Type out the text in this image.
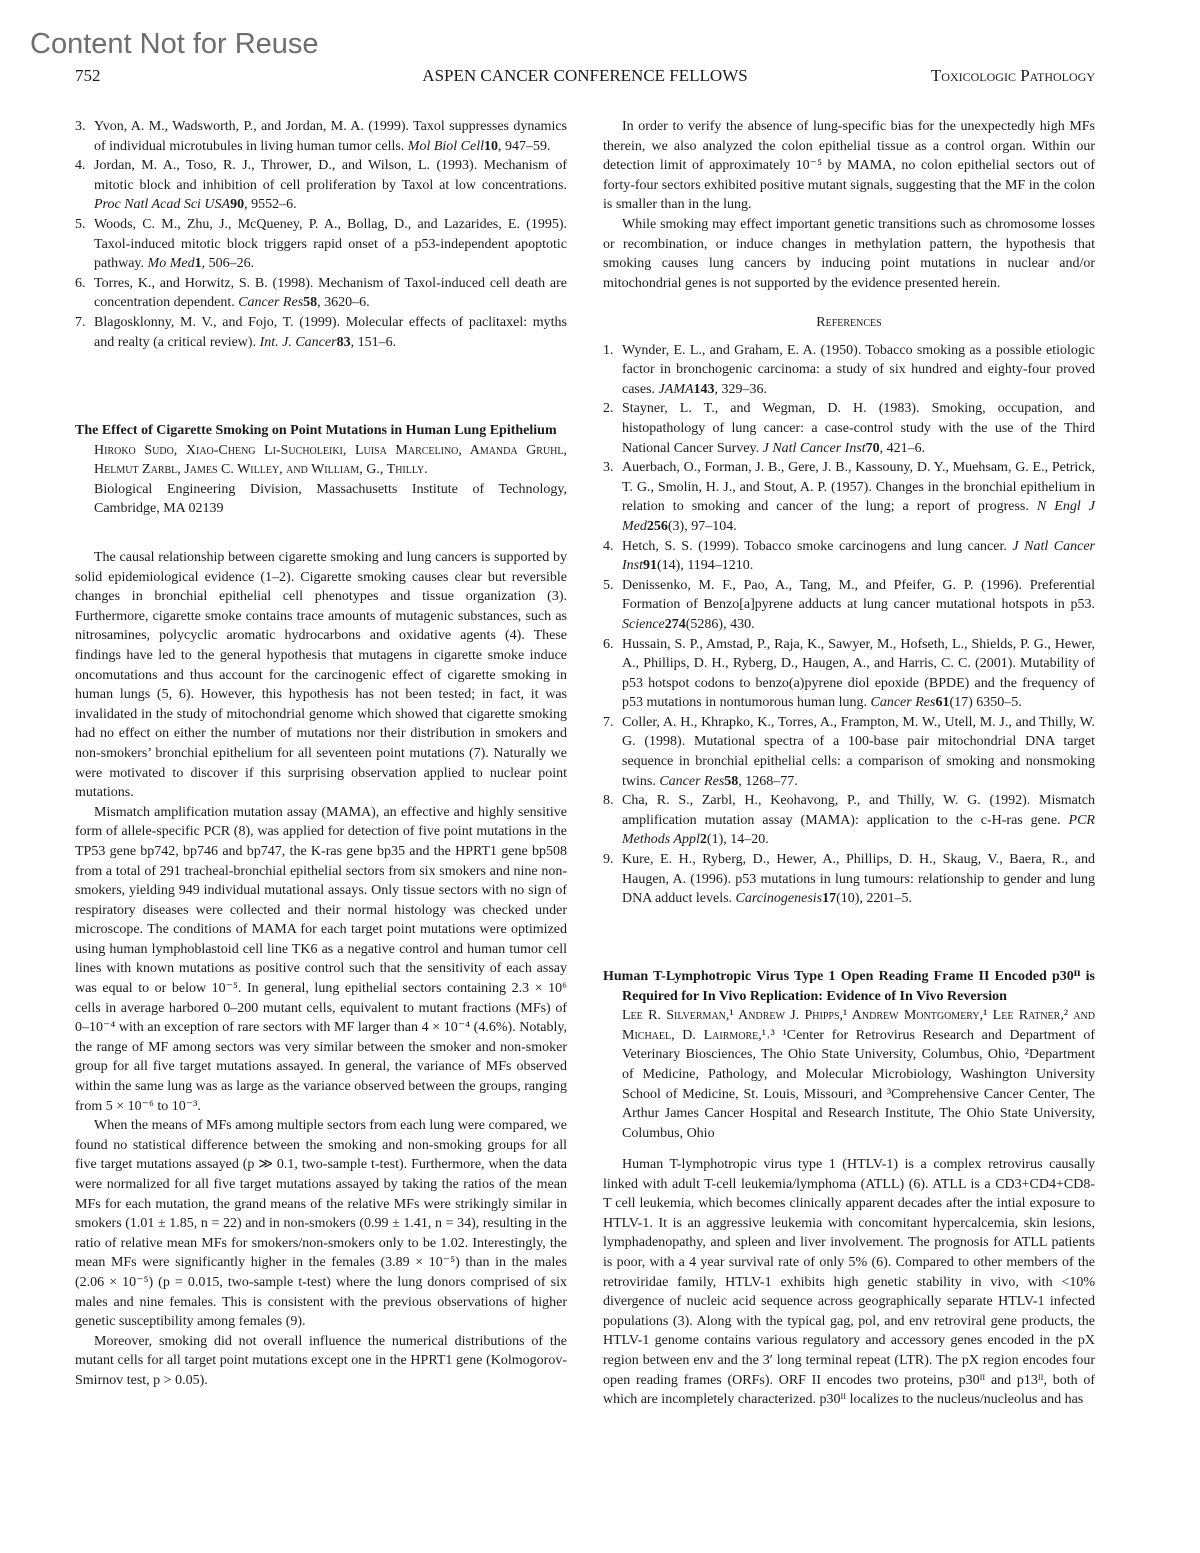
Content Not for Reuse
752	ASPEN CANCER CONFERENCE FELLOWS	Toxicologic Pathology

3. Yvon, A. M., Wadsworth, P., and Jordan, M. A. (1999). Taxol suppresses dynamics of individual microtubules in living human tumor cells. Mol Biol Cell10, 947–59.

4. Jordan, M. A., Toso, R. J., Thrower, D., and Wilson, L. (1993). Mechanism of mitotic block and inhibition of cell proliferation by Taxol at low concentrations. Proc Natl Acad Sci USA90, 9552–6.

5. Woods, C. M., Zhu, J., McQueney, P. A., Bollag, D., and Lazarides, E. (1995). Taxol-induced mitotic block triggers rapid onset of a p53-independent apoptotic pathway. Mo Med1, 506–26.

6. Torres, K., and Horwitz, S. B. (1998). Mechanism of Taxol-induced cell death are concentration dependent. Cancer Res58, 3620–6.

7. Blagosklonny, M. V., and Fojo, T. (1999). Molecular effects of paclitaxel: myths and realty (a critical review). Int. J. Cancer83, 151–6.

The Effect of Cigarette Smoking on Point Mutations in Human Lung Epithelium

Hiroko Sudo, Xiao-Cheng Li-Sucholeiki, Luisa Marcelino, Amanda Gruhl, Helmut Zarbl, James C. Willey, and William, G., Thilly.

Biological Engineering Division, Massachusetts Institute of Technology, Cambridge, MA 02139

The causal relationship between cigarette smoking and lung cancers is supported by solid epidemiological evidence (1–2). Cigarette smoking causes clear but reversible changes in bronchial epithelial cell phenotypes and tissue organization (3). Furthermore, cigarette smoke contains trace amounts of mutagenic substances, such as nitrosamines, polycyclic aromatic hydrocarbons and oxidative agents (4). These findings have led to the general hypothesis that mutagens in cigarette smoke induce oncomutations and thus account for the carcinogenic effect of cigarette smoking in human lungs (5, 6). However, this hypothesis has not been tested; in fact, it was invalidated in the study of mitochondrial genome which showed that cigarette smoking had no effect on either the number of mutations nor their distribution in smokers and non-smokers’ bronchial epithelium for all seventeen point mutations (7). Naturally we were motivated to discover if this surprising observation applied to nuclear point mutations.

Mismatch amplification mutation assay (MAMA), an effective and highly sensitive form of allele-specific PCR (8), was applied for detection of five point mutations in the TP53 gene bp742, bp746 and bp747, the K-ras gene bp35 and the HPRT1 gene bp508 from a total of 291 tracheal-bronchial epithelial sectors from six smokers and nine non-smokers, yielding 949 individual mutational assays. Only tissue sectors with no sign of respiratory diseases were collected and their normal histology was checked under microscope. The conditions of MAMA for each target point mutations were optimized using human lymphoblastoid cell line TK6 as a negative control and human tumor cell lines with known mutations as positive control such that the sensitivity of each assay was equal to or below 10⁻⁵. In general, lung epithelial sectors containing 2.3 × 10⁶ cells in average harbored 0–200 mutant cells, equivalent to mutant fractions (MFs) of 0–10⁻⁴ with an exception of rare sectors with MF larger than 4 × 10⁻⁴ (4.6%). Notably, the range of MF among sectors was very similar between the smoker and non-smoker group for all five target mutations assayed. In general, the variance of MFs observed within the same lung was as large as the variance observed between the groups, ranging from 5 × 10⁻⁶ to 10⁻³.

When the means of MFs among multiple sectors from each lung were compared, we found no statistical difference between the smoking and non-smoking groups for all five target mutations assayed (p ≫ 0.1, two-sample t-test). Furthermore, when the data were normalized for all five target mutations assayed by taking the ratios of the mean MFs for each mutation, the grand means of the relative MFs were strikingly similar in smokers (1.01 ± 1.85, n = 22) and in non-smokers (0.99 ± 1.41, n = 34), resulting in the ratio of relative mean MFs for smokers/non-smokers only to be 1.02. Interestingly, the mean MFs were significantly higher in the females (3.89 × 10⁻⁵) than in the males (2.06 × 10⁻⁵) (p = 0.015, two-sample t-test) where the lung donors comprised of six males and nine females. This is consistent with the previous observations of higher genetic susceptibility among females (9).

Moreover, smoking did not overall influence the numerical distributions of the mutant cells for all target point mutations except one in the HPRT1 gene (Kolmogorov-Smirnov test, p > 0.05).

In order to verify the absence of lung-specific bias for the unexpectedly high MFs therein, we also analyzed the colon epithelial tissue as a control organ. Within our detection limit of approximately 10⁻⁵ by MAMA, no colon epithelial sectors out of forty-four sectors exhibited positive mutant signals, suggesting that the MF in the colon is smaller than in the lung.

While smoking may effect important genetic transitions such as chromosome losses or recombination, or induce changes in methylation pattern, the hypothesis that smoking causes lung cancers by inducing point mutations in nuclear and/or mitochondrial genes is not supported by the evidence presented herein.

References

1. Wynder, E. L., and Graham, E. A. (1950). Tobacco smoking as a possible etiologic factor in bronchogenic carcinoma: a study of six hundred and eighty-four proved cases. JAMA143, 329–36.

2. Stayner, L. T., and Wegman, D. H. (1983). Smoking, occupation, and histopathology of lung cancer: a case-control study with the use of the Third National Cancer Survey. J Natl Cancer Inst70, 421–6.

3. Auerbach, O., Forman, J. B., Gere, J. B., Kassouny, D. Y., Muehsam, G. E., Petrick, T. G., Smolin, H. J., and Stout, A. P. (1957). Changes in the bronchial epithelium in relation to smoking and cancer of the lung; a report of progress. N Engl J Med256(3), 97–104.

4. Hetch, S. S. (1999). Tobacco smoke carcinogens and lung cancer. J Natl Cancer Inst91(14), 1194–1210.

5. Denissenko, M. F., Pao, A., Tang, M., and Pfeifer, G. P. (1996). Preferential Formation of Benzo[a]pyrene adducts at lung cancer mutational hotspots in p53. Science274(5286), 430.

6. Hussain, S. P., Amstad, P., Raja, K., Sawyer, M., Hofseth, L., Shields, P. G., Hewer, A., Phillips, D. H., Ryberg, D., Haugen, A., and Harris, C. C. (2001). Mutability of p53 hotspot codons to benzo(a)pyrene diol epoxide (BPDE) and the frequency of p53 mutations in nontumorous human lung. Cancer Res61(17) 6350–5.

7. Coller, A. H., Khrapko, K., Torres, A., Frampton, M. W., Utell, M. J., and Thilly, W. G. (1998). Mutational spectra of a 100-base pair mitochondrial DNA target sequence in bronchial epithelial cells: a comparison of smoking and nonsmoking twins. Cancer Res58, 1268–77.

8. Cha, R. S., Zarbl, H., Keohavong, P., and Thilly, W. G. (1992). Mismatch amplification mutation assay (MAMA): application to the c-H-ras gene. PCR Methods Appl2(1), 14–20.

9. Kure, E. H., Ryberg, D., Hewer, A., Phillips, D. H., Skaug, V., Baera, R., and Haugen, A. (1996). p53 mutations in lung tumours: relationship to gender and lung DNA adduct levels. Carcinogenesis17(10), 2201–5.

Human T-Lymphotropic Virus Type 1 Open Reading Frame II Encoded p30ᴵᴵ is Required for In Vivo Replication: Evidence of In Vivo Reversion

Lee R. Silverman,¹ Andrew J. Phipps,¹ Andrew Montgomery,¹ Lee Ratner,² and Michael, D. Lairmore,¹˒³ ¹Center for Retrovirus Research and Department of Veterinary Biosciences, The Ohio State University, Columbus, Ohio, ²Department of Medicine, Pathology, and Molecular Microbiology, Washington University School of Medicine, St. Louis, Missouri, and ³Comprehensive Cancer Center, The Arthur James Cancer Hospital and Research Institute, The Ohio State University, Columbus, Ohio

Human T-lymphotropic virus type 1 (HTLV-1) is a complex retrovirus causally linked with adult T-cell leukemia/lymphoma (ATLL) (6). ATLL is a CD3+CD4+CD8- T cell leukemia, which becomes clinically apparent decades after the intial exposure to HTLV-1. It is an aggressive leukemia with concomitant hypercalcemia, skin lesions, lymphadenopathy, and spleen and liver involvement. The prognosis for ATLL patients is poor, with a 4 year survival rate of only 5% (6). Compared to other members of the retroviridae family, HTLV-1 exhibits high genetic stability in vivo, with <10% divergence of nucleic acid sequence across geographically separate HTLV-1 infected populations (3). Along with the typical gag, pol, and env retroviral gene products, the HTLV-1 genome contains various regulatory and accessory genes encoded in the pX region between env and the 3′ long terminal repeat (LTR). The pX region encodes four open reading frames (ORFs). ORF II encodes two proteins, p30ᴵᴵ and p13ᴵᴵ, both of which are incompletely characterized. p30ᴵᴵ localizes to the nucleus/nucleolus and has
